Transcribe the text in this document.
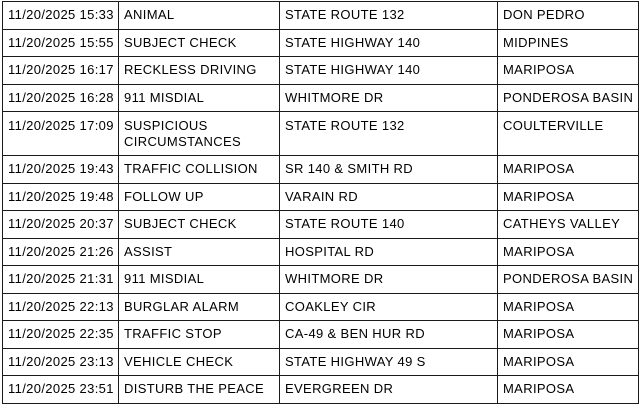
11/20/2025 15:33	ANIMAL	STATE ROUTE 132	DON PEDRO
11/20/2025 15:55	SUBJECT CHECK	STATE HIGHWAY 140	MIDPINES
11/20/2025 16:17	RECKLESS DRIVING	STATE HIGHWAY 140	MARIPOSA
11/20/2025 16:28	911 MISDIAL	WHITMORE DR	PONDEROSA BASIN
11/20/2025 17:09	SUSPICIOUS CIRCUMSTANCES	STATE ROUTE 132	COULTERVILLE
11/20/2025 19:43	TRAFFIC COLLISION	SR 140 & SMITH RD	MARIPOSA
11/20/2025 19:48	FOLLOW UP	VARAIN RD	MARIPOSA
11/20/2025 20:37	SUBJECT CHECK	STATE ROUTE 140	CATHEYS VALLEY
11/20/2025 21:26	ASSIST	HOSPITAL RD	MARIPOSA
11/20/2025 21:31	911 MISDIAL	WHITMORE DR	PONDEROSA BASIN
11/20/2025 22:13	BURGLAR ALARM	COAKLEY CIR	MARIPOSA
11/20/2025 22:35	TRAFFIC STOP	CA-49 & BEN HUR RD	MARIPOSA
11/20/2025 23:13	VEHICLE CHECK	STATE HIGHWAY 49 S	MARIPOSA
11/20/2025 23:51	DISTURB THE PEACE	EVERGREEN DR	MARIPOSA
